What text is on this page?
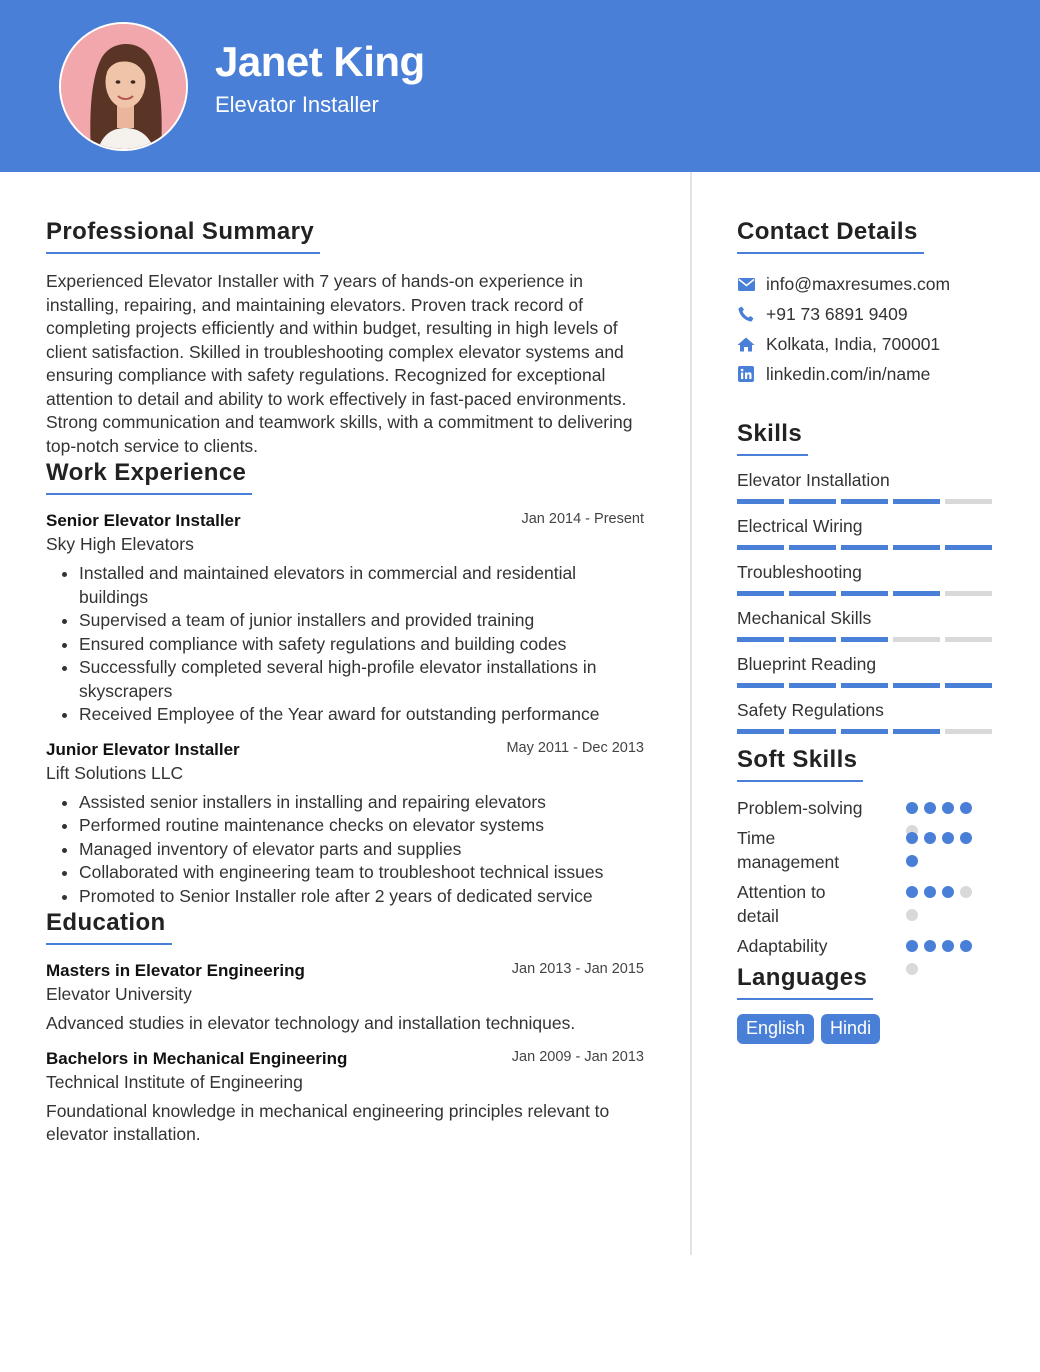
Janet King
Elevator Installer
Professional Summary
Experienced Elevator Installer with 7 years of hands-on experience in installing, repairing, and maintaining elevators. Proven track record of completing projects efficiently and within budget, resulting in high levels of client satisfaction. Skilled in troubleshooting complex elevator systems and ensuring compliance with safety regulations. Recognized for exceptional attention to detail and ability to work effectively in fast-paced environments. Strong communication and teamwork skills, with a commitment to delivering top-notch service to clients.
Work Experience
Senior Elevator Installer	Jan 2014 - Present
Sky High Elevators
• Installed and maintained elevators in commercial and residential buildings
• Supervised a team of junior installers and provided training
• Ensured compliance with safety regulations and building codes
• Successfully completed several high-profile elevator installations in skyscrapers
• Received Employee of the Year award for outstanding performance
Junior Elevator Installer	May 2011 - Dec 2013
Lift Solutions LLC
• Assisted senior installers in installing and repairing elevators
• Performed routine maintenance checks on elevator systems
• Managed inventory of elevator parts and supplies
• Collaborated with engineering team to troubleshoot technical issues
• Promoted to Senior Installer role after 2 years of dedicated service
Education
Masters in Elevator Engineering	Jan 2013 - Jan 2015
Elevator University
Advanced studies in elevator technology and installation techniques.
Bachelors in Mechanical Engineering	Jan 2009 - Jan 2013
Technical Institute of Engineering
Foundational knowledge in mechanical engineering principles relevant to elevator installation.
Contact Details
info@maxresumes.com
+91 73 6891 9409
Kolkata, India, 700001
linkedin.com/in/name
Skills
Elevator Installation
Electrical Wiring
Troubleshooting
Mechanical Skills
Blueprint Reading
Safety Regulations
Soft Skills
Problem-solving
Time management
Attention to detail
Adaptability
Languages
English	Hindi
